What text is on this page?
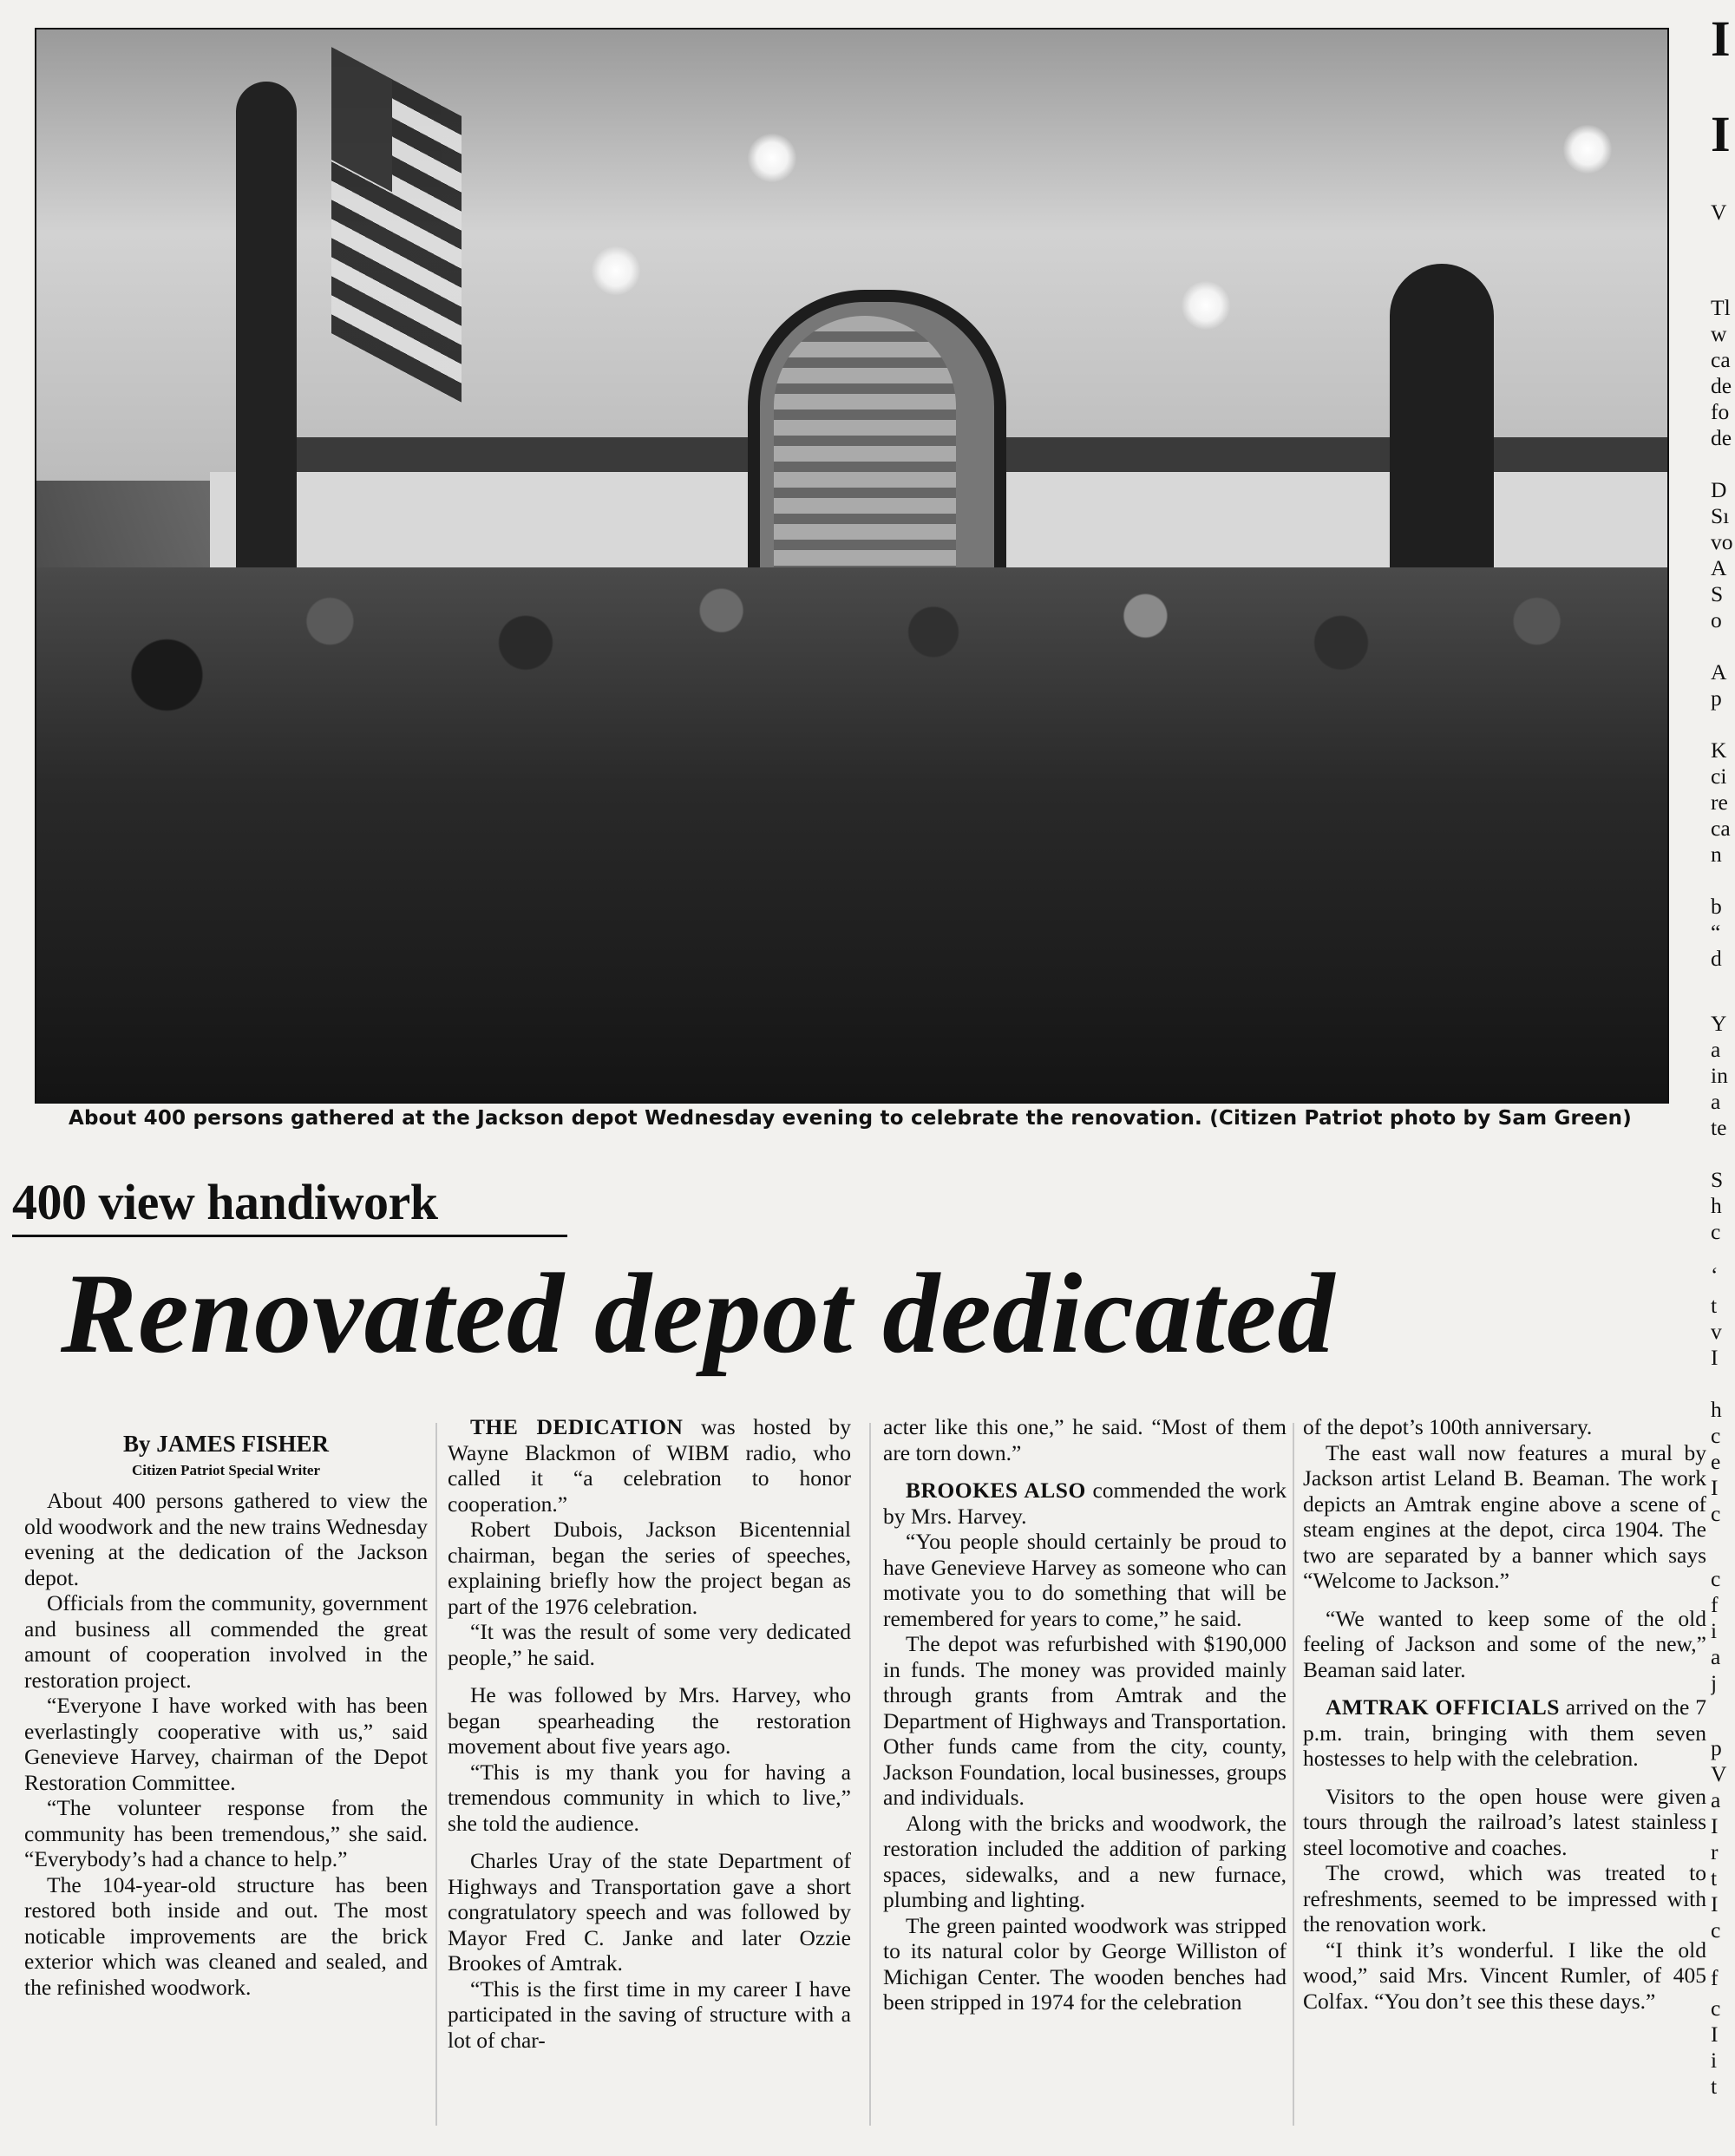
About 400 persons gathered at the Jackson depot Wednesday evening to celebrate the renovation. (Citizen Patriot photo by Sam Green)
400 view handiwork
Renovated depot dedicated

By JAMES FISHER

Citizen Patriot Special Writer

About 400 persons gathered to view the old woodwork and the new trains Wednesday evening at the dedication of the Jackson depot.

Officials from the community, government and business all commended the great amount of cooperation involved in the restoration project.

“Everyone I have worked with has been everlastingly cooperative with us,” said Genevieve Harvey, chairman of the Depot Restoration Committee.

“The volunteer response from the community has been tremendous,” she said. “Everybody’s had a chance to help.”

The 104-year-old structure has been restored both inside and out. The most noticable improvements are the brick exterior which was cleaned and sealed, and the refinished woodwork.

THE DEDICATION was hosted by Wayne Blackmon of WIBM radio, who called it “a celebration to honor cooperation.”

Robert Dubois, Jackson Bicentennial chairman, began the series of speeches, explaining briefly how the project began as part of the 1976 celebration.

“It was the result of some very dedicated people,” he said.

He was followed by Mrs. Harvey, who began spearheading the restoration movement about five years ago.

“This is my thank you for having a tremendous community in which to live,” she told the audience.

Charles Uray of the state Department of Highways and Transportation gave a short congratulatory speech and was followed by Mayor Fred C. Janke and later Ozzie Brookes of Amtrak.

“This is the first time in my career I have participated in the saving of structure with a lot of char-

acter like this one,” he said. “Most of them are torn down.”

BROOKES ALSO commended the work by Mrs. Harvey.

“You people should certainly be proud to have Genevieve Harvey as someone who can motivate you to do something that will be remembered for years to come,” he said.

The depot was refurbished with $190,000 in funds. The money was provided mainly through grants from Amtrak and the Department of Highways and Transportation. Other funds came from the city, county, Jackson Foundation, local businesses, groups and individuals.

Along with the bricks and woodwork, the restoration included the addition of parking spaces, sidewalks, and a new furnace, plumbing and lighting.

The green painted woodwork was stripped to its natural color by George Williston of Michigan Center. The wooden benches had been stripped in 1974 for the celebration

of the depot’s 100th anniversary.

The east wall now features a mural by Jackson artist Leland B. Beaman. The work depicts an Amtrak engine above a scene of steam engines at the depot, circa 1904. The two are separated by a banner which says “Welcome to Jackson.”

“We wanted to keep some of the old feeling of Jackson and some of the new,” Beaman said later.

AMTRAK OFFICIALS arrived on the 7 p.m. train, bringing with them seven hostesses to help with the celebration.

Visitors to the open house were given tours through the railroad’s latest stainless steel locomotive and coaches.

The crowd, which was treated to refreshments, seemed to be impressed with the renovation work.

“I think it’s wonderful. I like the old wood,” said Mrs. Vincent Rumler, of 405 Colfax. “You don’t see this these days.”

I
I
V
Tl
w
ca
de
fo
de
D
Sı
vo
A
S
o
A
p
K
ci
re
ca
n
b
“
d
Y
a
in
a
te
S
h
c
‘
t
v
I
h
c
e
I
c
c
f
i
a
j
p
V
a
I
r
t
I
c
f
c
I
i
t
